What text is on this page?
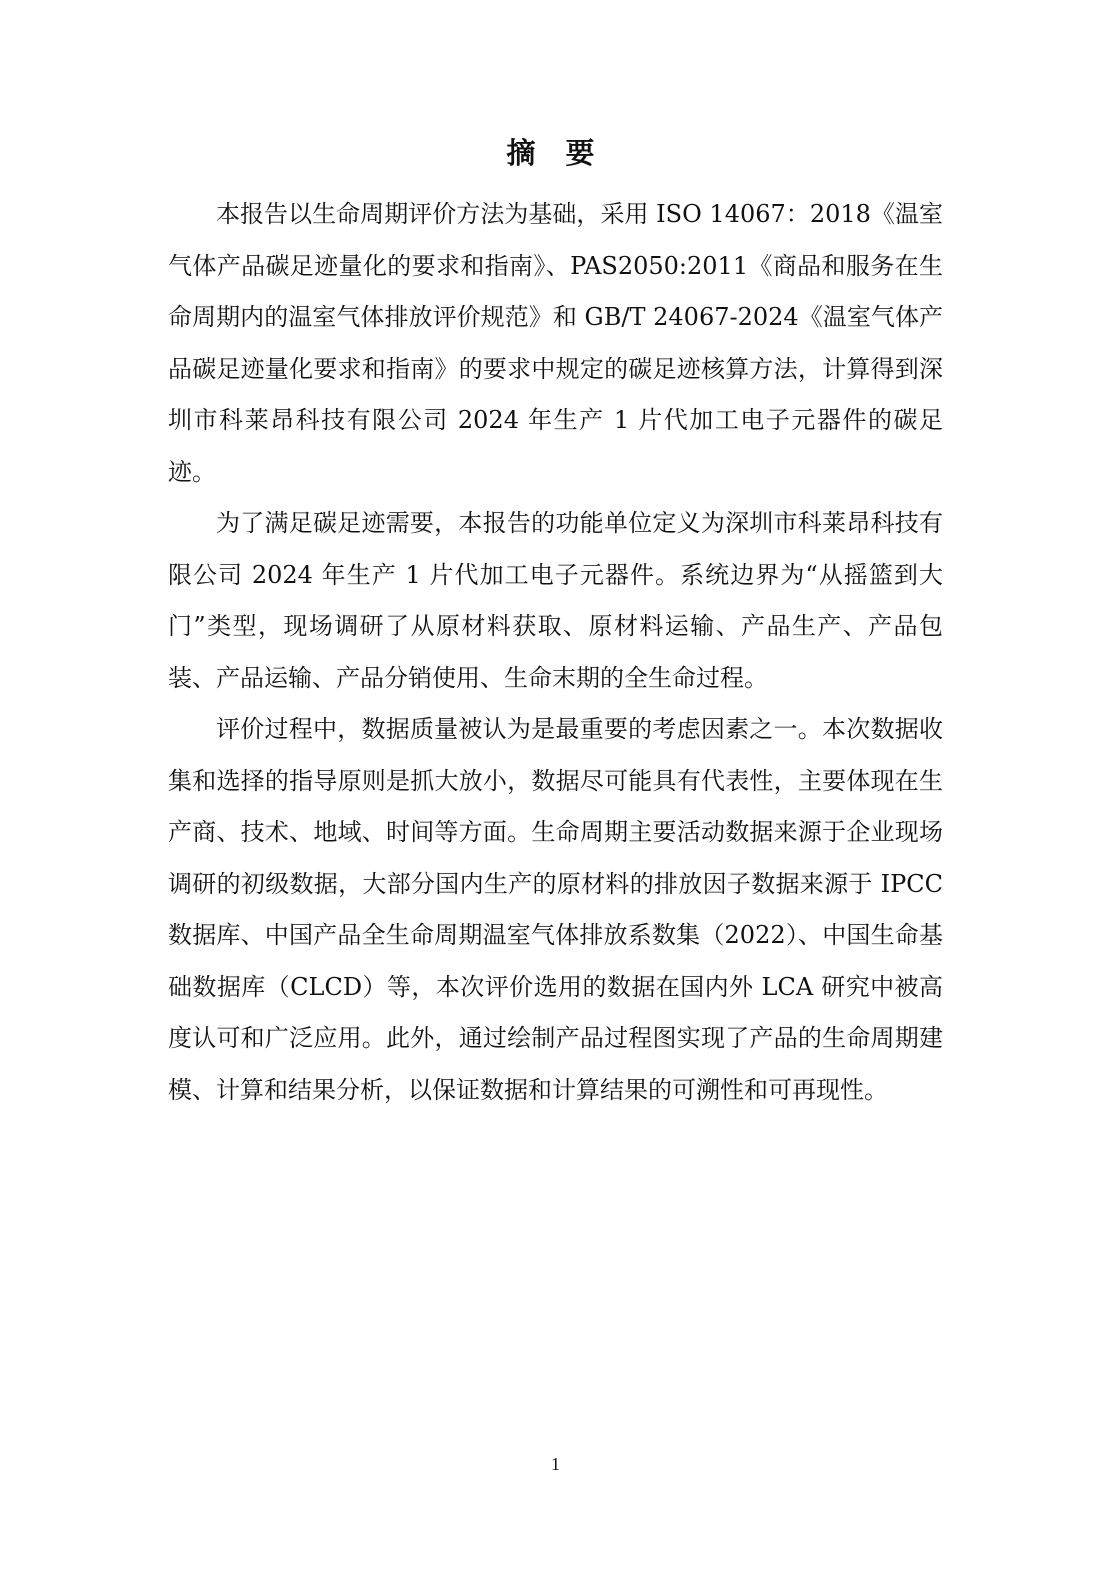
摘 要

本报告以生命周期评价方法为基础，采用 ISO 14067：2018《温室气体产品碳足迹量化的要求和指南》、PAS2050:2011《商品和服务在生命周期内的温室气体排放评价规范》和 GB/T 24067-2024《温室气体产品碳足迹量化要求和指南》的要求中规定的碳足迹核算方法，计算得到深圳市科莱昂科技有限公司 2024 年生产 1 片代加工电子元器件的碳足迹。

为了满足碳足迹需要，本报告的功能单位定义为深圳市科莱昂科技有限公司 2024 年生产 1 片代加工电子元器件。系统边界为“从摇篮到大门”类型，现场调研了从原材料获取、原材料运输、产品生产、产品包装、产品运输、产品分销使用、生命末期的全生命过程。

评价过程中，数据质量被认为是最重要的考虑因素之一。本次数据收集和选择的指导原则是抓大放小，数据尽可能具有代表性，主要体现在生产商、技术、地域、时间等方面。生命周期主要活动数据来源于企业现场调研的初级数据，大部分国内生产的原材料的排放因子数据来源于 IPCC 数据库、中国产品全生命周期温室气体排放系数集（2022）、中国生命基础数据库（CLCD）等，本次评价选用的数据在国内外 LCA 研究中被高度认可和广泛应用。此外，通过绘制产品过程图实现了产品的生命周期建模、计算和结果分析，以保证数据和计算结果的可溯性和可再现性。

1
